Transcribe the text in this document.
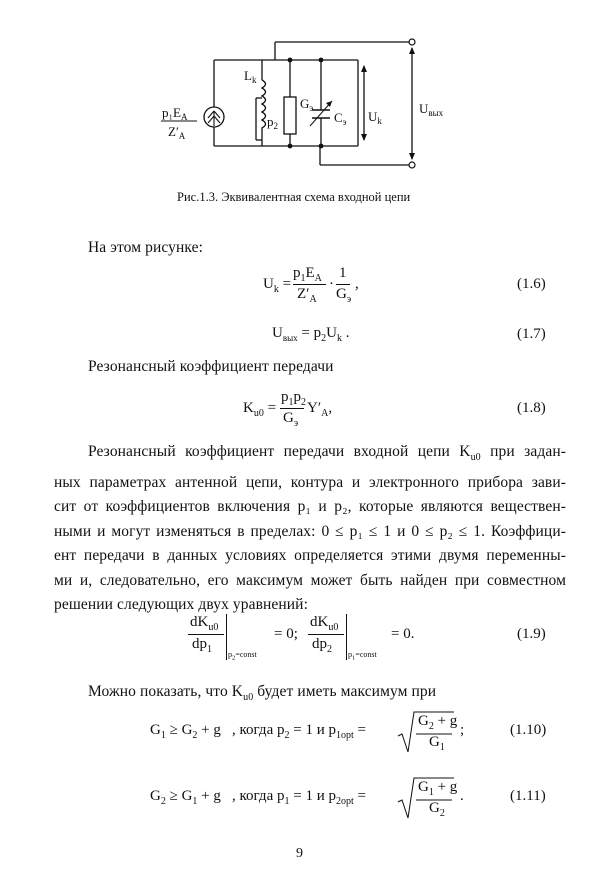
$L_k$
$p_2$
$G_э$
$C_э$ $U_k$
$U_{вых}$
$p_1E_A$
$Z'_A$
Рис.1.3. Эквивалентная схема входной цепи
На этом рисунке:
$U_k$ =
$p_1E_A$
$Z'_A$
·
1
$G_э$
,	(1.6)
$U_{вых} = p_2U_k$ .	(1.7)
Резонансный коэффициент передачи
$K_{u0}$ =
$p_1p_2$
$G_э$
$Y'_A$,	(1.8)
Резонансный коэффициент передачи входной цепи $K_{u0}$ при задан-
ных параметрах антенной цепи, контура и электронного прибора зави-
сит от коэффициентов включения p₁ и p₂, которые являются веществен-
ными и могут изменяться в пределах: 0 ≤ p₁ ≤ 1 и 0 ≤ p₂ ≤ 1. Коэффици-
ент передачи в данных условиях определяется этими двумя переменны-
ми и, следовательно, его максимум может быть найден при совместном
решении следующих двух уравнений:
$dK_{u0}$
$dp_1$ $p_2=const$
= 0;
$dK_{u0}$
$dp_2$ $p_1=const$
= 0.	(1.9)
Можно показать, что $K_{u0}$ будет иметь максимум при
$G_1 \ge G_2 + g$ , когда $p_2 = 1$ и $p_{1opt}$ =
$G_2 + g$
$G_1$
;	(1.10)
$G_2 \ge G_1 + g$ , когда $p_1 = 1$ и $p_{2opt}$ =
$G_1 + g$
$G_2$
.	(1.11)
9
